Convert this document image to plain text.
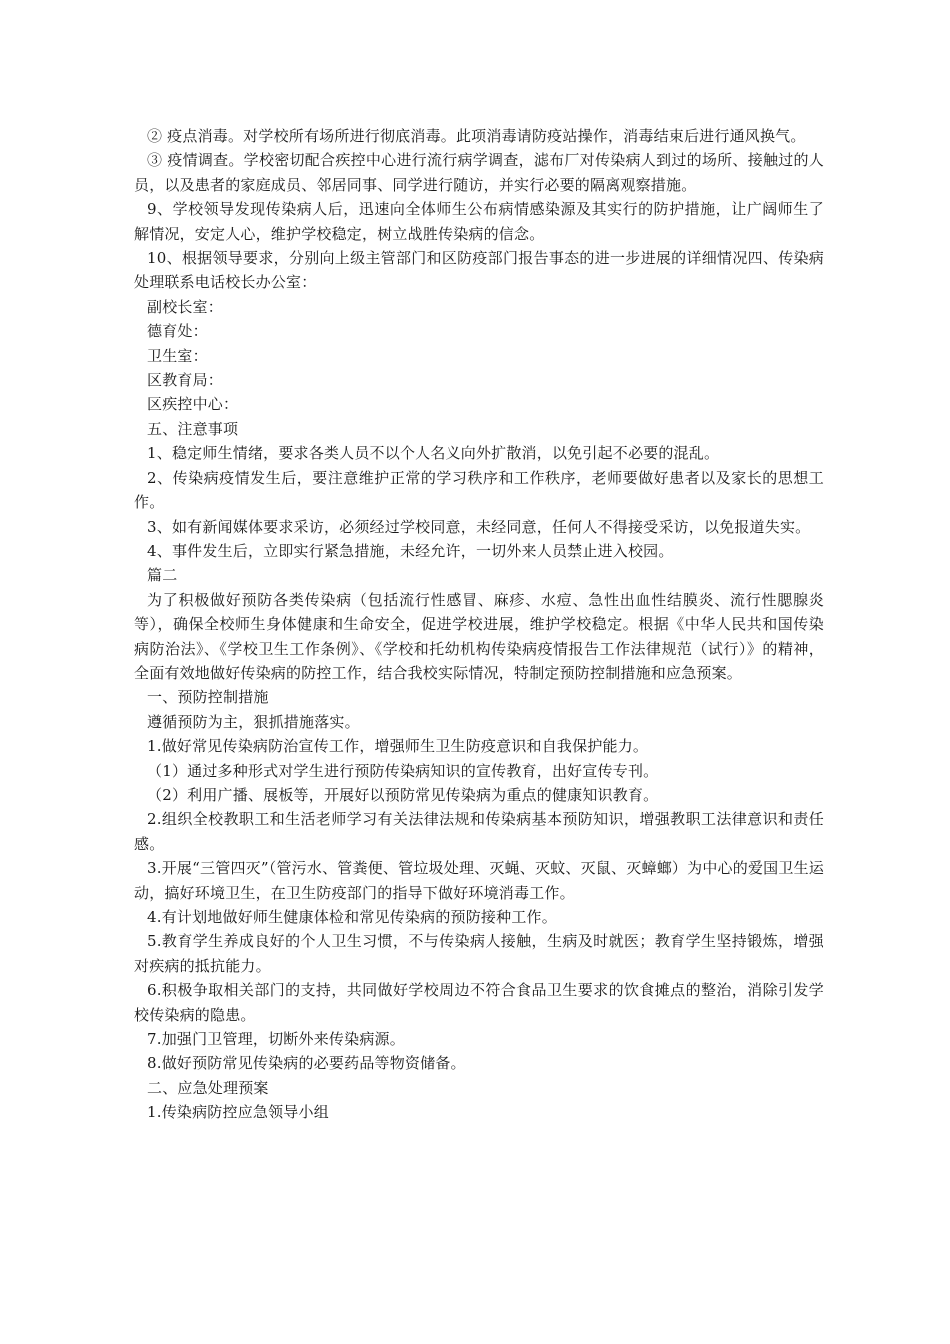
② 疫点消毒。对学校所有场所进行彻底消毒。此项消毒请防疫站操作，消毒结束后进行通风换气。

③ 疫情调查。学校密切配合疾控中心进行流行病学调查，滤布厂对传染病人到过的场所、接触过的人员，以及患者的家庭成员、邻居同事、同学进行随访，并实行必要的隔离观察措施。

9、学校领导发现传染病人后，迅速向全体师生公布病情感染源及其实行的防护措施，让广阔师生了解情况，安定人心，维护学校稳定，树立战胜传染病的信念。

10、根据领导要求，分别向上级主管部门和区防疫部门报告事态的进一步进展的详细情况四、传染病处理联系电话校长办公室：

副校长室：

德育处：

卫生室：

区教育局：

区疾控中心：

五、注意事项

1、稳定师生情绪，要求各类人员不以个人名义向外扩散消，以免引起不必要的混乱。

2、传染病疫情发生后，要注意维护正常的学习秩序和工作秩序，老师要做好患者以及家长的思想工作。

3、如有新闻媒体要求采访，必须经过学校同意，未经同意，任何人不得接受采访，以免报道失实。

4、事件发生后，立即实行紧急措施，未经允许，一切外来人员禁止进入校园。

篇二

为了积极做好预防各类传染病（包括流行性感冒、麻疹、水痘、急性出血性结膜炎、流行性腮腺炎等），确保全校师生身体健康和生命安全，促进学校进展，维护学校稳定。根据《中华人民共和国传染病防治法》、《学校卫生工作条例》、《学校和托幼机构传染病疫情报告工作法律规范（试行）》的精神，全面有效地做好传染病的防控工作，结合我校实际情况，特制定预防控制措施和应急预案。

一、预防控制措施

遵循预防为主，狠抓措施落实。

1.做好常见传染病防治宣传工作，增强师生卫生防疫意识和自我保护能力。

（1）通过多种形式对学生进行预防传染病知识的宣传教育，出好宣传专刊。

（2）利用广播、展板等，开展好以预防常见传染病为重点的健康知识教育。

2.组织全校教职工和生活老师学习有关法律法规和传染病基本预防知识，增强教职工法律意识和责任感。

3.开展“三管四灭”（管污水、管粪便、管垃圾处理、灭蝇、灭蚊、灭鼠、灭蟑螂）为中心的爱国卫生运动，搞好环境卫生，在卫生防疫部门的指导下做好环境消毒工作。

4.有计划地做好师生健康体检和常见传染病的预防接种工作。

5.教育学生养成良好的个人卫生习惯，不与传染病人接触，生病及时就医；教育学生坚持锻炼，增强对疾病的抵抗能力。

6.积极争取相关部门的支持，共同做好学校周边不符合食品卫生要求的饮食摊点的整治，消除引发学校传染病的隐患。

7.加强门卫管理，切断外来传染病源。

8.做好预防常见传染病的必要药品等物资储备。

二、应急处理预案

1.传染病防控应急领导小组
